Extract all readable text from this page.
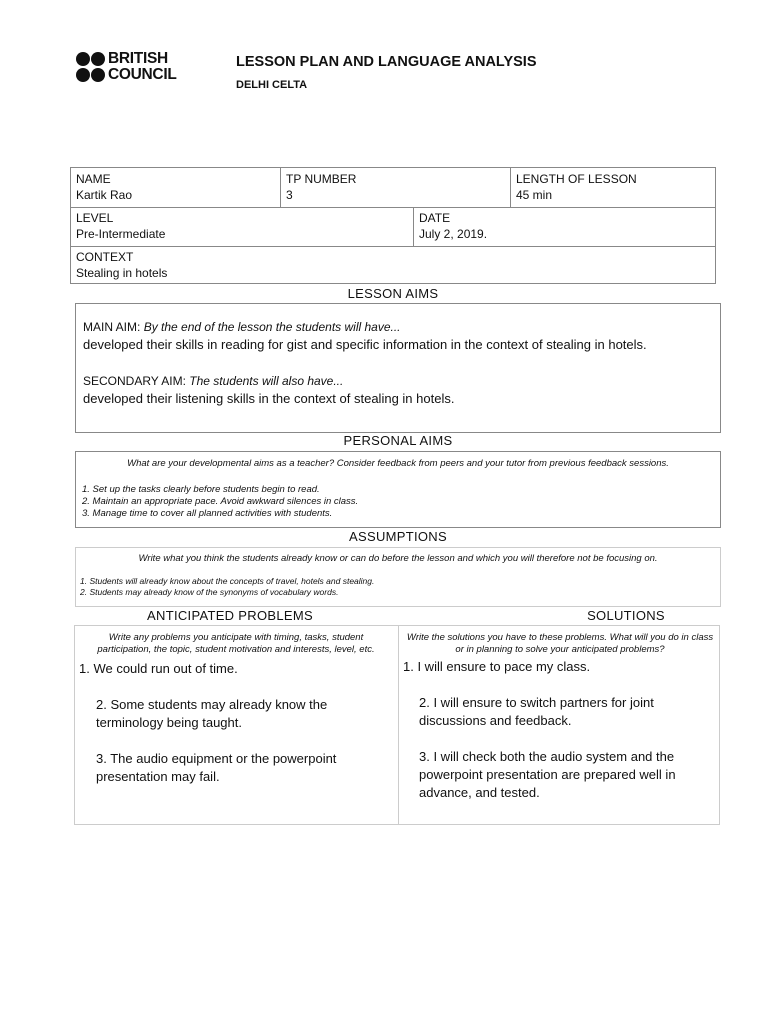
BRITISH
COUNCIL
LESSON PLAN AND LANGUAGE ANALYSIS
DELHI CELTA
NAME
Kartik Rao
TP NUMBER
3
LENGTH OF LESSON
45 min
LEVEL
Pre-Intermediate
DATE
July 2, 2019.
CONTEXT
Stealing in hotels
LESSON AIMS
MAIN AIM: By the end of the lesson the students will have...
developed their skills in reading for gist and specific information in the context of stealing in hotels.
SECONDARY AIM: The students will also have...
developed their listening skills in the context of stealing in hotels.
PERSONAL AIMS
What are your developmental aims as a teacher? Consider feedback from peers and your tutor from previous feedback sessions.
1. Set up the tasks clearly before students begin to read.
2. Maintain an appropriate pace. Avoid awkward silences in class.
3. Manage time to cover all planned activities with students.
ASSUMPTIONS
Write what you think the students already know or can do before the lesson and which you will therefore not be focusing on.
1. Students will already know about the concepts of travel, hotels and stealing.
2. Students may already know of the synonyms of vocabulary words.
ANTICIPATED PROBLEMS	SOLUTIONS
Write any problems you anticipate with timing, tasks, student participation, the topic, student motivation and interests, level, etc.
1. We could run out of time.
2. Some students may already know the terminology being taught.
3. The audio equipment or the powerpoint presentation may fail.
Write the solutions you have to these problems. What will you do in class or in planning to solve your anticipated problems?
1. I will ensure to pace my class.
2. I will ensure to switch partners for joint discussions and feedback.
3. I will check both the audio system and the powerpoint presentation are prepared well in advance, and tested.
